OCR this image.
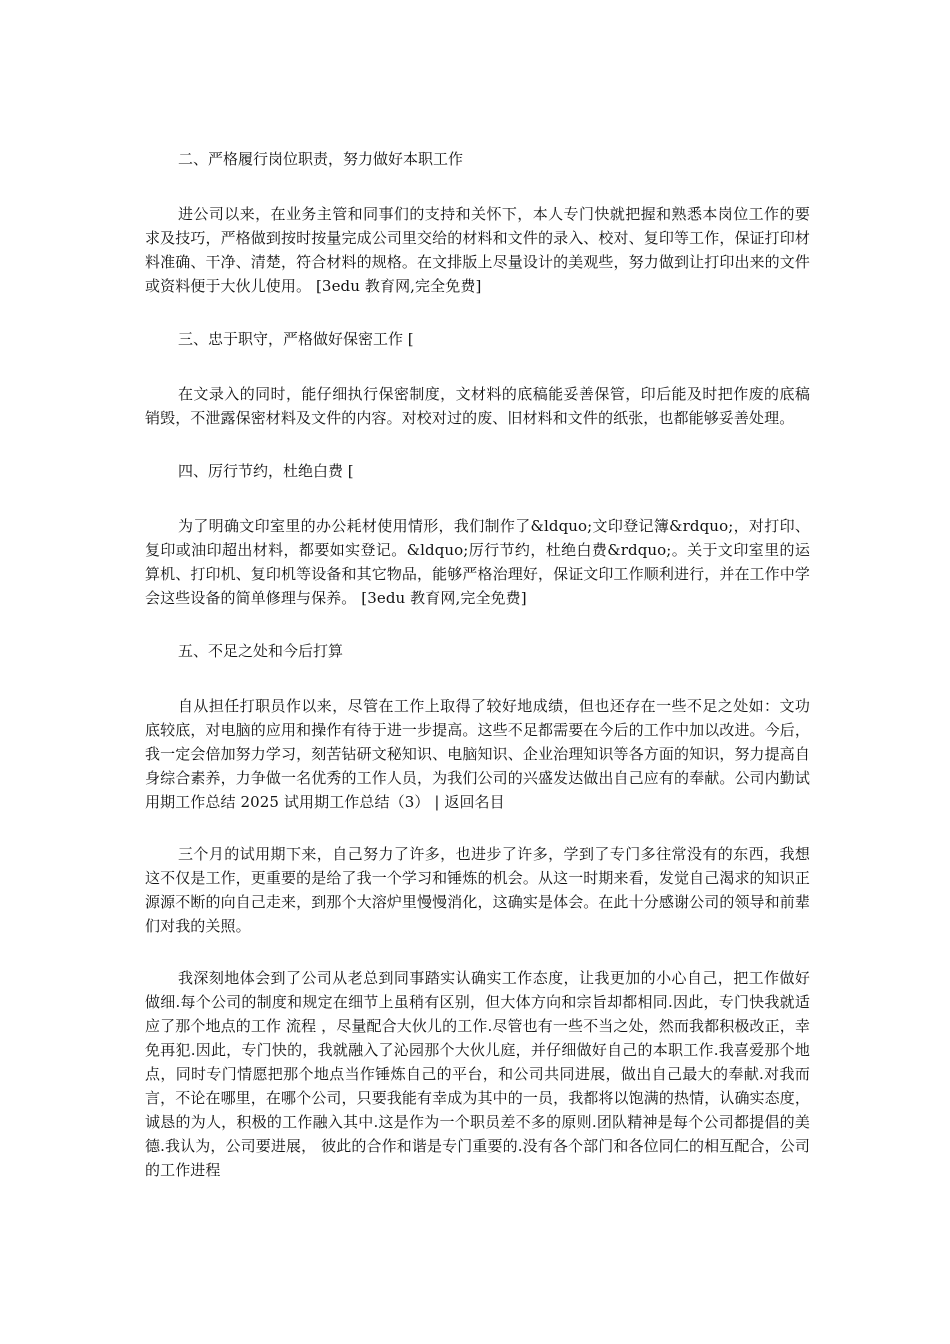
二、严格履行岗位职责，努力做好本职工作

进公司以来，在业务主管和同事们的支持和关怀下，本人专门快就把握和熟悉本岗位工作的要求及技巧，严格做到按时按量完成公司里交给的材料和文件的录入、校对、复印等工作，保证打印材料准确、干净、清楚，符合材料的规格。在文排版上尽量设计的美观些，努力做到让打印出来的文件或资料便于大伙儿使用。 [3edu 教育网,完全免费]

三、忠于职守，严格做好保密工作 [

在文录入的同时，能仔细执行保密制度，文材料的底稿能妥善保管，印后能及时把作废的底稿销毁，不泄露保密材料及文件的内容。对校对过的废、旧材料和文件的纸张，也都能够妥善处理。

四、厉行节约，杜绝白费 [

为了明确文印室里的办公耗材使用情形，我们制作了&ldquo;文印登记簿&rdquo;，对打印、复印或油印超出材料，都要如实登记。&ldquo;厉行节约，杜绝白费&rdquo;。关于文印室里的运算机、打印机、复印机等设备和其它物品，能够严格治理好，保证文印工作顺利进行，并在工作中学会这些设备的简单修理与保养。 [3edu 教育网,完全免费]

五、不足之处和今后打算

自从担任打职员作以来，尽管在工作上取得了较好地成绩，但也还存在一些不足之处如：文功底较底，对电脑的应用和操作有待于进一步提高。这些不足都需要在今后的工作中加以改进。今后，我一定会倍加努力学习，刻苦钻研文秘知识、电脑知识、企业治理知识等各方面的知识，努力提高自身综合素养，力争做一名优秀的工作人员，为我们公司的兴盛发达做出自己应有的奉献。公司内勤试用期工作总结 2025 试用期工作总结（3） | 返回名目

三个月的试用期下来，自己努力了许多，也进步了许多，学到了专门多往常没有的东西，我想这不仅是工作，更重要的是给了我一个学习和锤炼的机会。从这一时期来看，发觉自己渴求的知识正源源不断的向自己走来，到那个大溶炉里慢慢消化，这确实是体会。在此十分感谢公司的领导和前辈们对我的关照。

我深刻地体会到了公司从老总到同事踏实认确实工作态度，让我更加的小心自己，把工作做好做细.每个公司的制度和规定在细节上虽稍有区别，但大体方向和宗旨却都相同.因此，专门快我就适应了那个地点的工作 流程 ，尽量配合大伙儿的工作.尽管也有一些不当之处，然而我都积极改正，幸免再犯.因此，专门快的，我就融入了沁园那个大伙儿庭，并仔细做好自己的本职工作.我喜爱那个地点，同时专门情愿把那个地点当作锤炼自己的平台，和公司共同进展，做出自己最大的奉献.对我而言，不论在哪里，在哪个公司，只要我能有幸成为其中的一员，我都将以饱满的热情，认确实态度，诚恳的为人，积极的工作融入其中.这是作为一个职员差不多的原则.团队精神是每个公司都提倡的美德.我认为，公司要进展， 彼此的合作和谐是专门重要的.没有各个部门和各位同仁的相互配合，公司的工作进程
